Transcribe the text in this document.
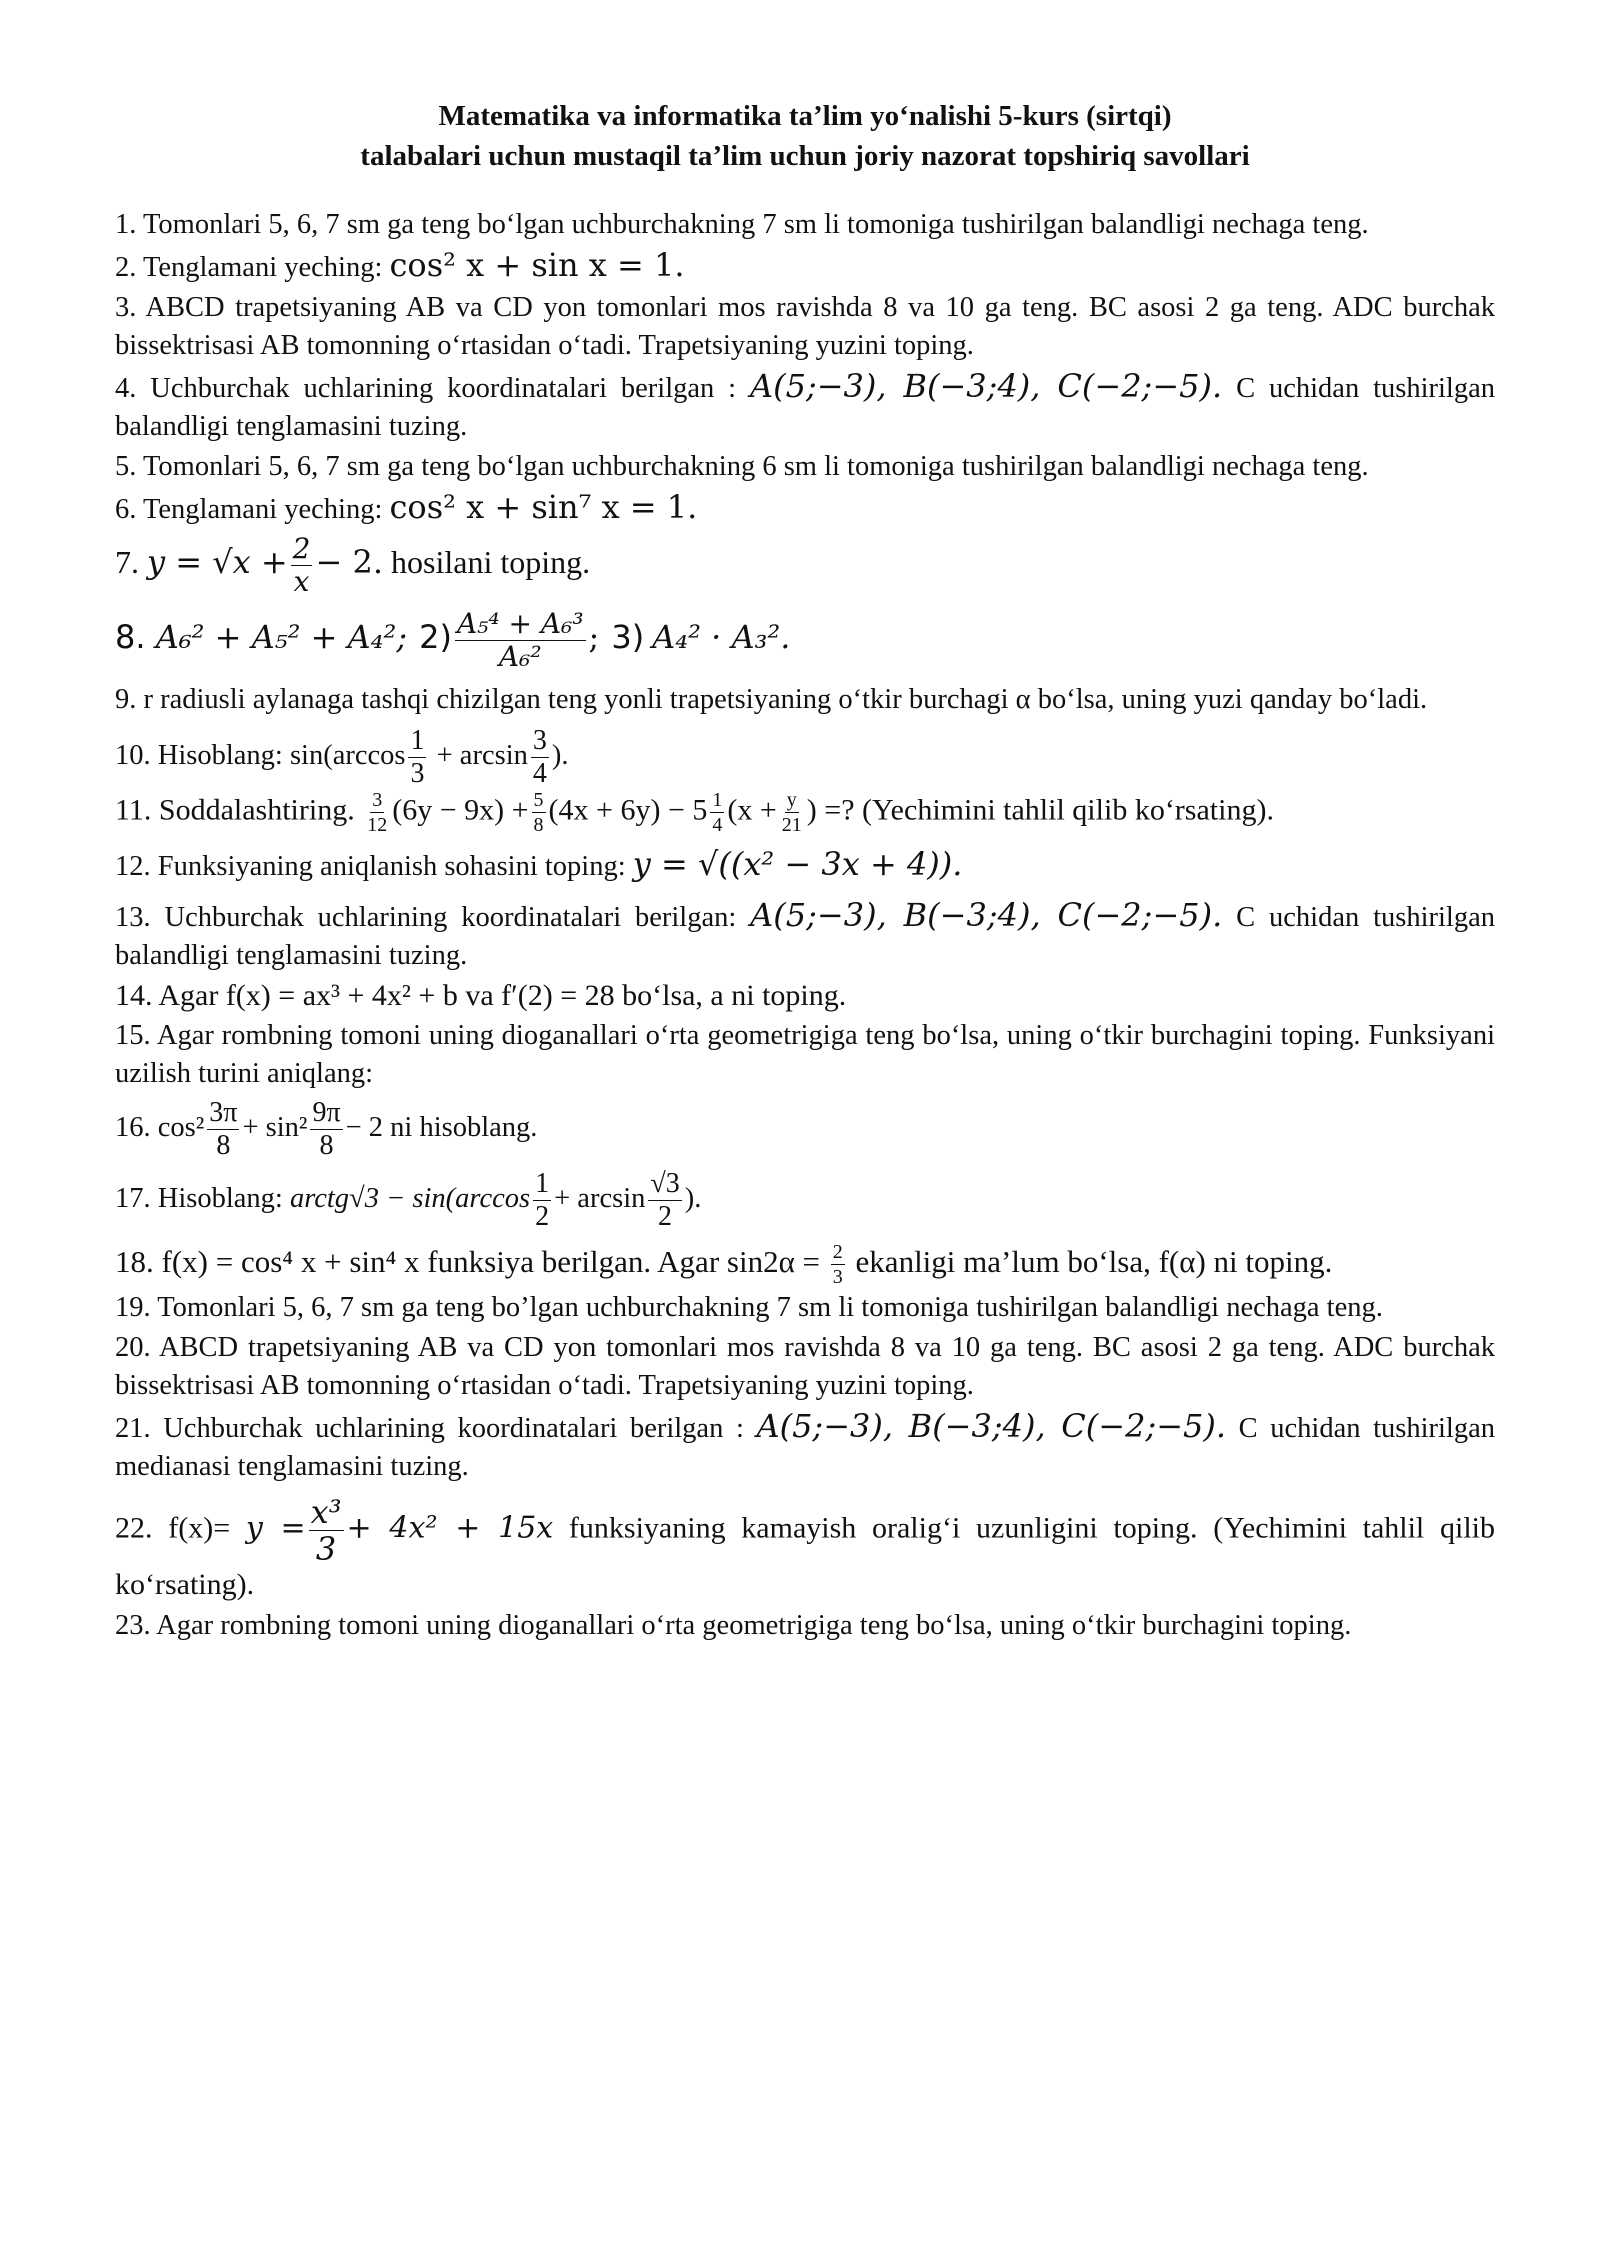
Matematika va informatika ta’lim yo‘nalishi 5-kurs (sirtqi)
talabalari uchun mustaqil ta’lim uchun joriy nazorat topshiriq savollari

1. Tomonlari 5, 6, 7 sm ga teng bo‘lgan uchburchakning 7 sm li tomoniga tushirilgan balandligi nechaga teng.

2. Tenglamani yeching: cos² x + sin x = 1.

3. ABCD trapetsiyaning AB va CD yon tomonlari mos ravishda 8 va 10 ga teng. BC asosi 2 ga teng. ADC burchak bissektrisasi AB tomonning o‘rtasidan o‘tadi. Trapetsiyaning yuzini toping.

4. Uchburchak uchlarining koordinatalari berilgan : A(5;−3), B(−3;4), C(−2;−5). C uchidan tushirilgan balandligi tenglamasini tuzing.

5. Tomonlari 5, 6, 7 sm ga teng bo‘lgan uchburchakning 6 sm li tomoniga tushirilgan balandligi nechaga teng.

6. Tenglamani yeching: cos² x + sin⁷ x = 1.

7. $y = √x + \frac{2}{x} - 2$. hosilani toping.

8. A₆² + A₅² + A₄²; $2) \frac{\text{A₅⁴ + A₆³}}{\text{A₆²}}$ ; 3) A₄² · A₃².

9. r radiusli aylanaga tashqi chizilgan teng yonli trapetsiyaning o‘tkir burchagi α bo‘lsa, uning yuzi qanday bo‘ladi.

10. Hisoblang: $\sin(\arccos \frac{1}{3} + \arcsin \frac{3}{4}$ ).

11. Soddalashtiring. $\frac{3}{12} (6y - 9x) + \frac{5}{8} (4x + 6y) - 5 \frac{1}{4} (x + \frac{y}{21}$ ) =? (Yechimini tahlil qilib ko‘rsating).

12. Funksiyaning aniqlanish sohasini toping: y = √((x² − 3x + 4)).

13. Uchburchak uchlarining koordinatalari berilgan: A(5;−3), B(−3;4), C(−2;−5). C uchidan tushirilgan balandligi tenglamasini tuzing.

14. Agar f(x) = ax³ + 4x² + b va f′(2) = 28 bo‘lsa, a ni toping.

15. Agar rombning tomoni uning dioganallari o‘rta geometrigiga teng bo‘lsa, uning o‘tkir burchagini toping. Funksiyani uzilish turini aniqlang:

16. $\cos^2 \frac{3\pi}{8} + \sin^2 \frac{9\pi}{8} - 2$ ni hisoblang.

17. Hisoblang: arctg√3 − $\sin(\arccos \frac{1}{2} + \arcsin \frac{√3}{2}$ ).

18. f(x) = cos⁴ x + sin⁴ x funksiya berilgan. Agar $\sin 2\alpha = \frac{2}{3}$ ekanligi ma’lum bo‘lsa, f(α) ni toping.

19. Tomonlari 5, 6, 7 sm ga teng bo’lgan uchburchakning 7 sm li tomoniga tushirilgan balandligi nechaga teng.

20. ABCD trapetsiyaning AB va CD yon tomonlari mos ravishda 8 va 10 ga teng. BC asosi 2 ga teng. ADC burchak bissektrisasi AB tomonning o‘rtasidan o‘tadi. Trapetsiyaning yuzini toping.

21. Uchburchak uchlarining koordinatalari berilgan : A(5;−3), B(−3;4), C(−2;−5). C uchidan tushirilgan medianasi tenglamasini tuzing.

22. $f(x)= y = \frac{\text{x³}}{3} + 4x^2 + 15x$ funksiyaning kamayish oralig‘i uzunligini toping. (Yechimini tahlil qilib ko‘rsating).

23. Agar rombning tomoni uning dioganallari o‘rta geometrigiga teng bo‘lsa, uning o‘tkir burchagini toping.
